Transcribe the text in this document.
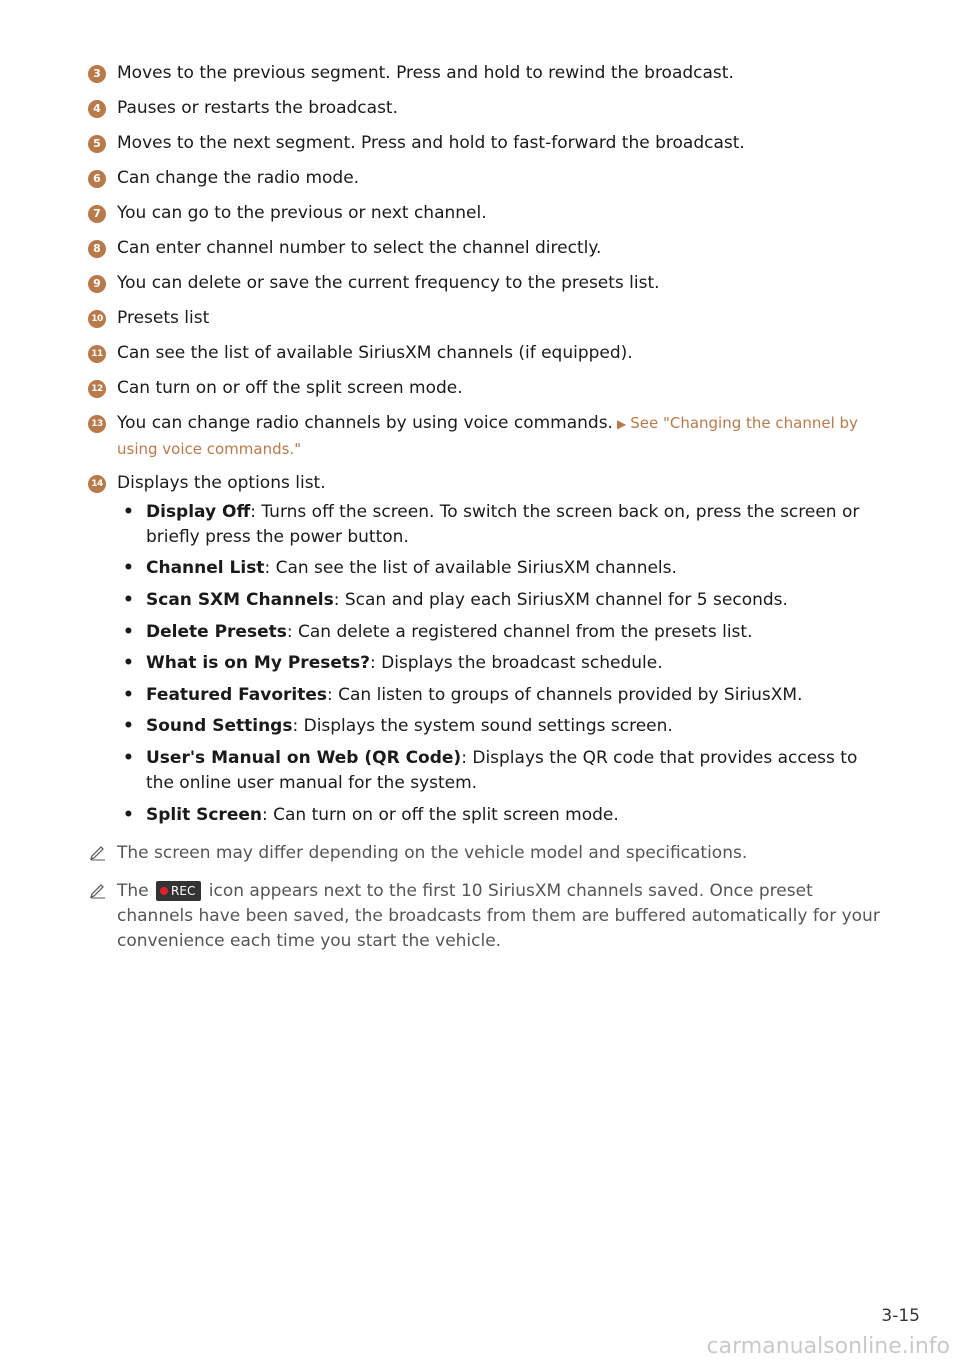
3 Moves to the previous segment. Press and hold to rewind the broadcast.
4 Pauses or restarts the broadcast.
5 Moves to the next segment. Press and hold to fast-forward the broadcast.
6 Can change the radio mode.
7 You can go to the previous or next channel.
8 Can enter channel number to select the channel directly.
9 You can delete or save the current frequency to the presets list.
10 Presets list
11 Can see the list of available SiriusXM channels (if equipped).
12 Can turn on or off the split screen mode.
13 You can change radio channels by using voice commands. ▶ See "Changing the channel by using voice commands."
14 Displays the options list.
• Display Off: Turns off the screen. To switch the screen back on, press the screen or briefly press the power button.
• Channel List: Can see the list of available SiriusXM channels.
• Scan SXM Channels: Scan and play each SiriusXM channel for 5 seconds.
• Delete Presets: Can delete a registered channel from the presets list.
• What is on My Presets?: Displays the broadcast schedule.
• Featured Favorites: Can listen to groups of channels provided by SiriusXM.
• Sound Settings: Displays the system sound settings screen.
• User's Manual on Web (QR Code): Displays the QR code that provides access to the online user manual for the system.
• Split Screen: Can turn on or off the split screen mode.
The screen may differ depending on the vehicle model and specifications.
The REC icon appears next to the first 10 SiriusXM channels saved. Once preset channels have been saved, the broadcasts from them are buffered automatically for your convenience each time you start the vehicle.
3-15
carmanualsonline.info
